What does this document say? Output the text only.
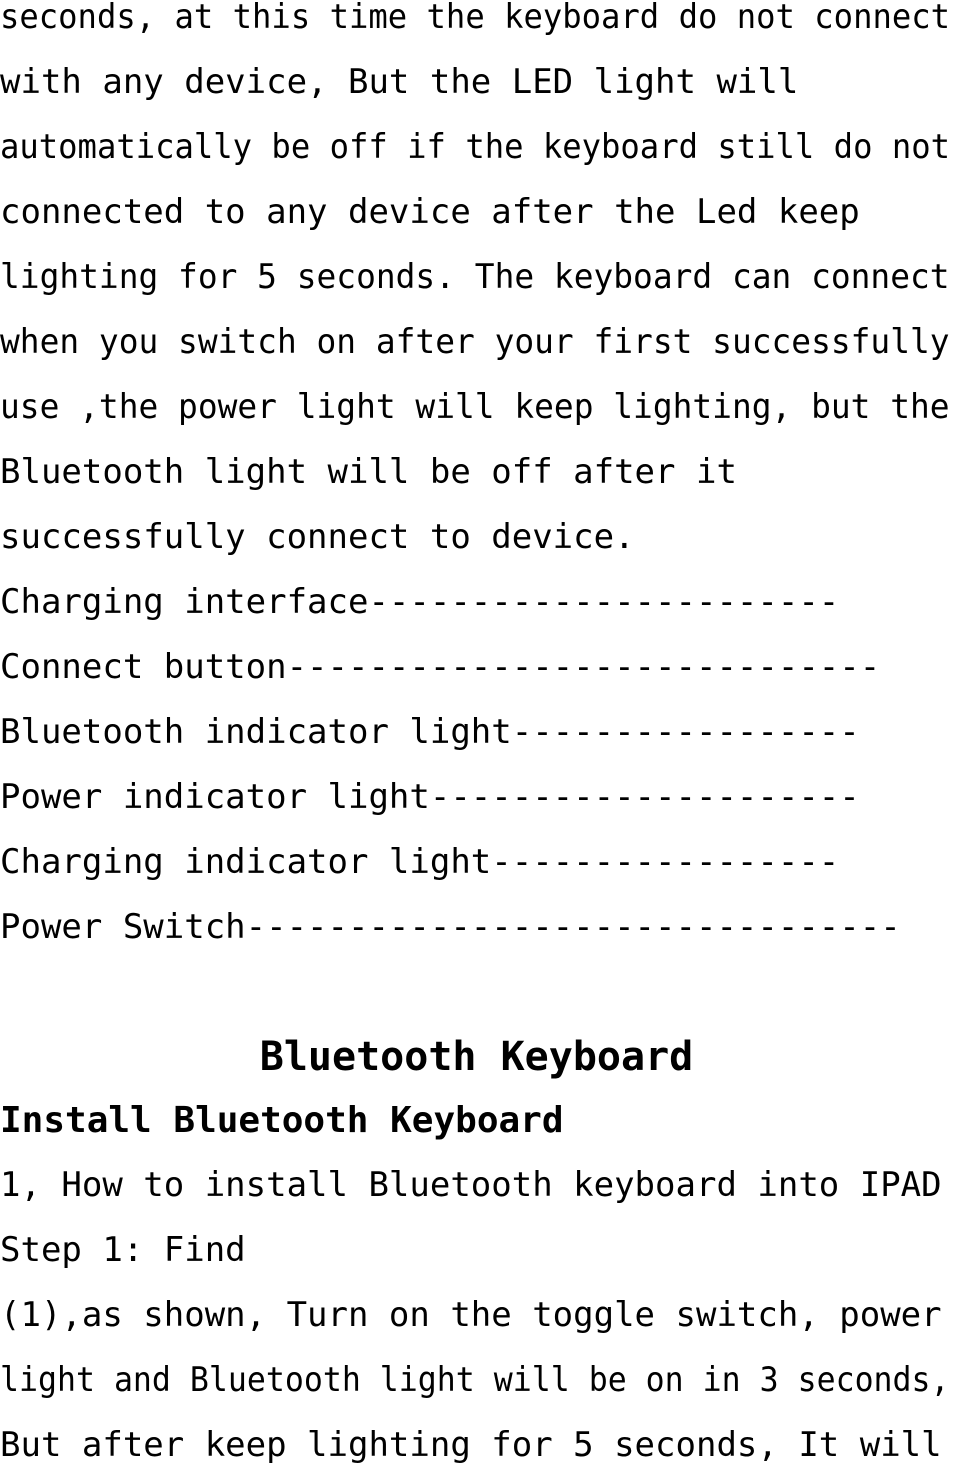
seconds, at this time the keyboard do not connect
with any device, But the LED light will
automatically be off if the keyboard still do not
connected to any device after the Led keep
lighting for 5 seconds. The keyboard can connect
when you switch on after your first successfully
use ,the power light will keep lighting, but the
Bluetooth light will be off after it
successfully connect to device.
Charging interface-----------------------
Connect button-----------------------------
Bluetooth indicator light-----------------
Power indicator light---------------------
Charging indicator light-----------------
Power Switch--------------------------------
Bluetooth Keyboard
Install Bluetooth Keyboard
1, How to install Bluetooth keyboard into IPAD
Step 1: Find
(1),as shown, Turn on the toggle switch, power
light and Bluetooth light will be on in 3 seconds,
But after keep lighting for 5 seconds, It will
